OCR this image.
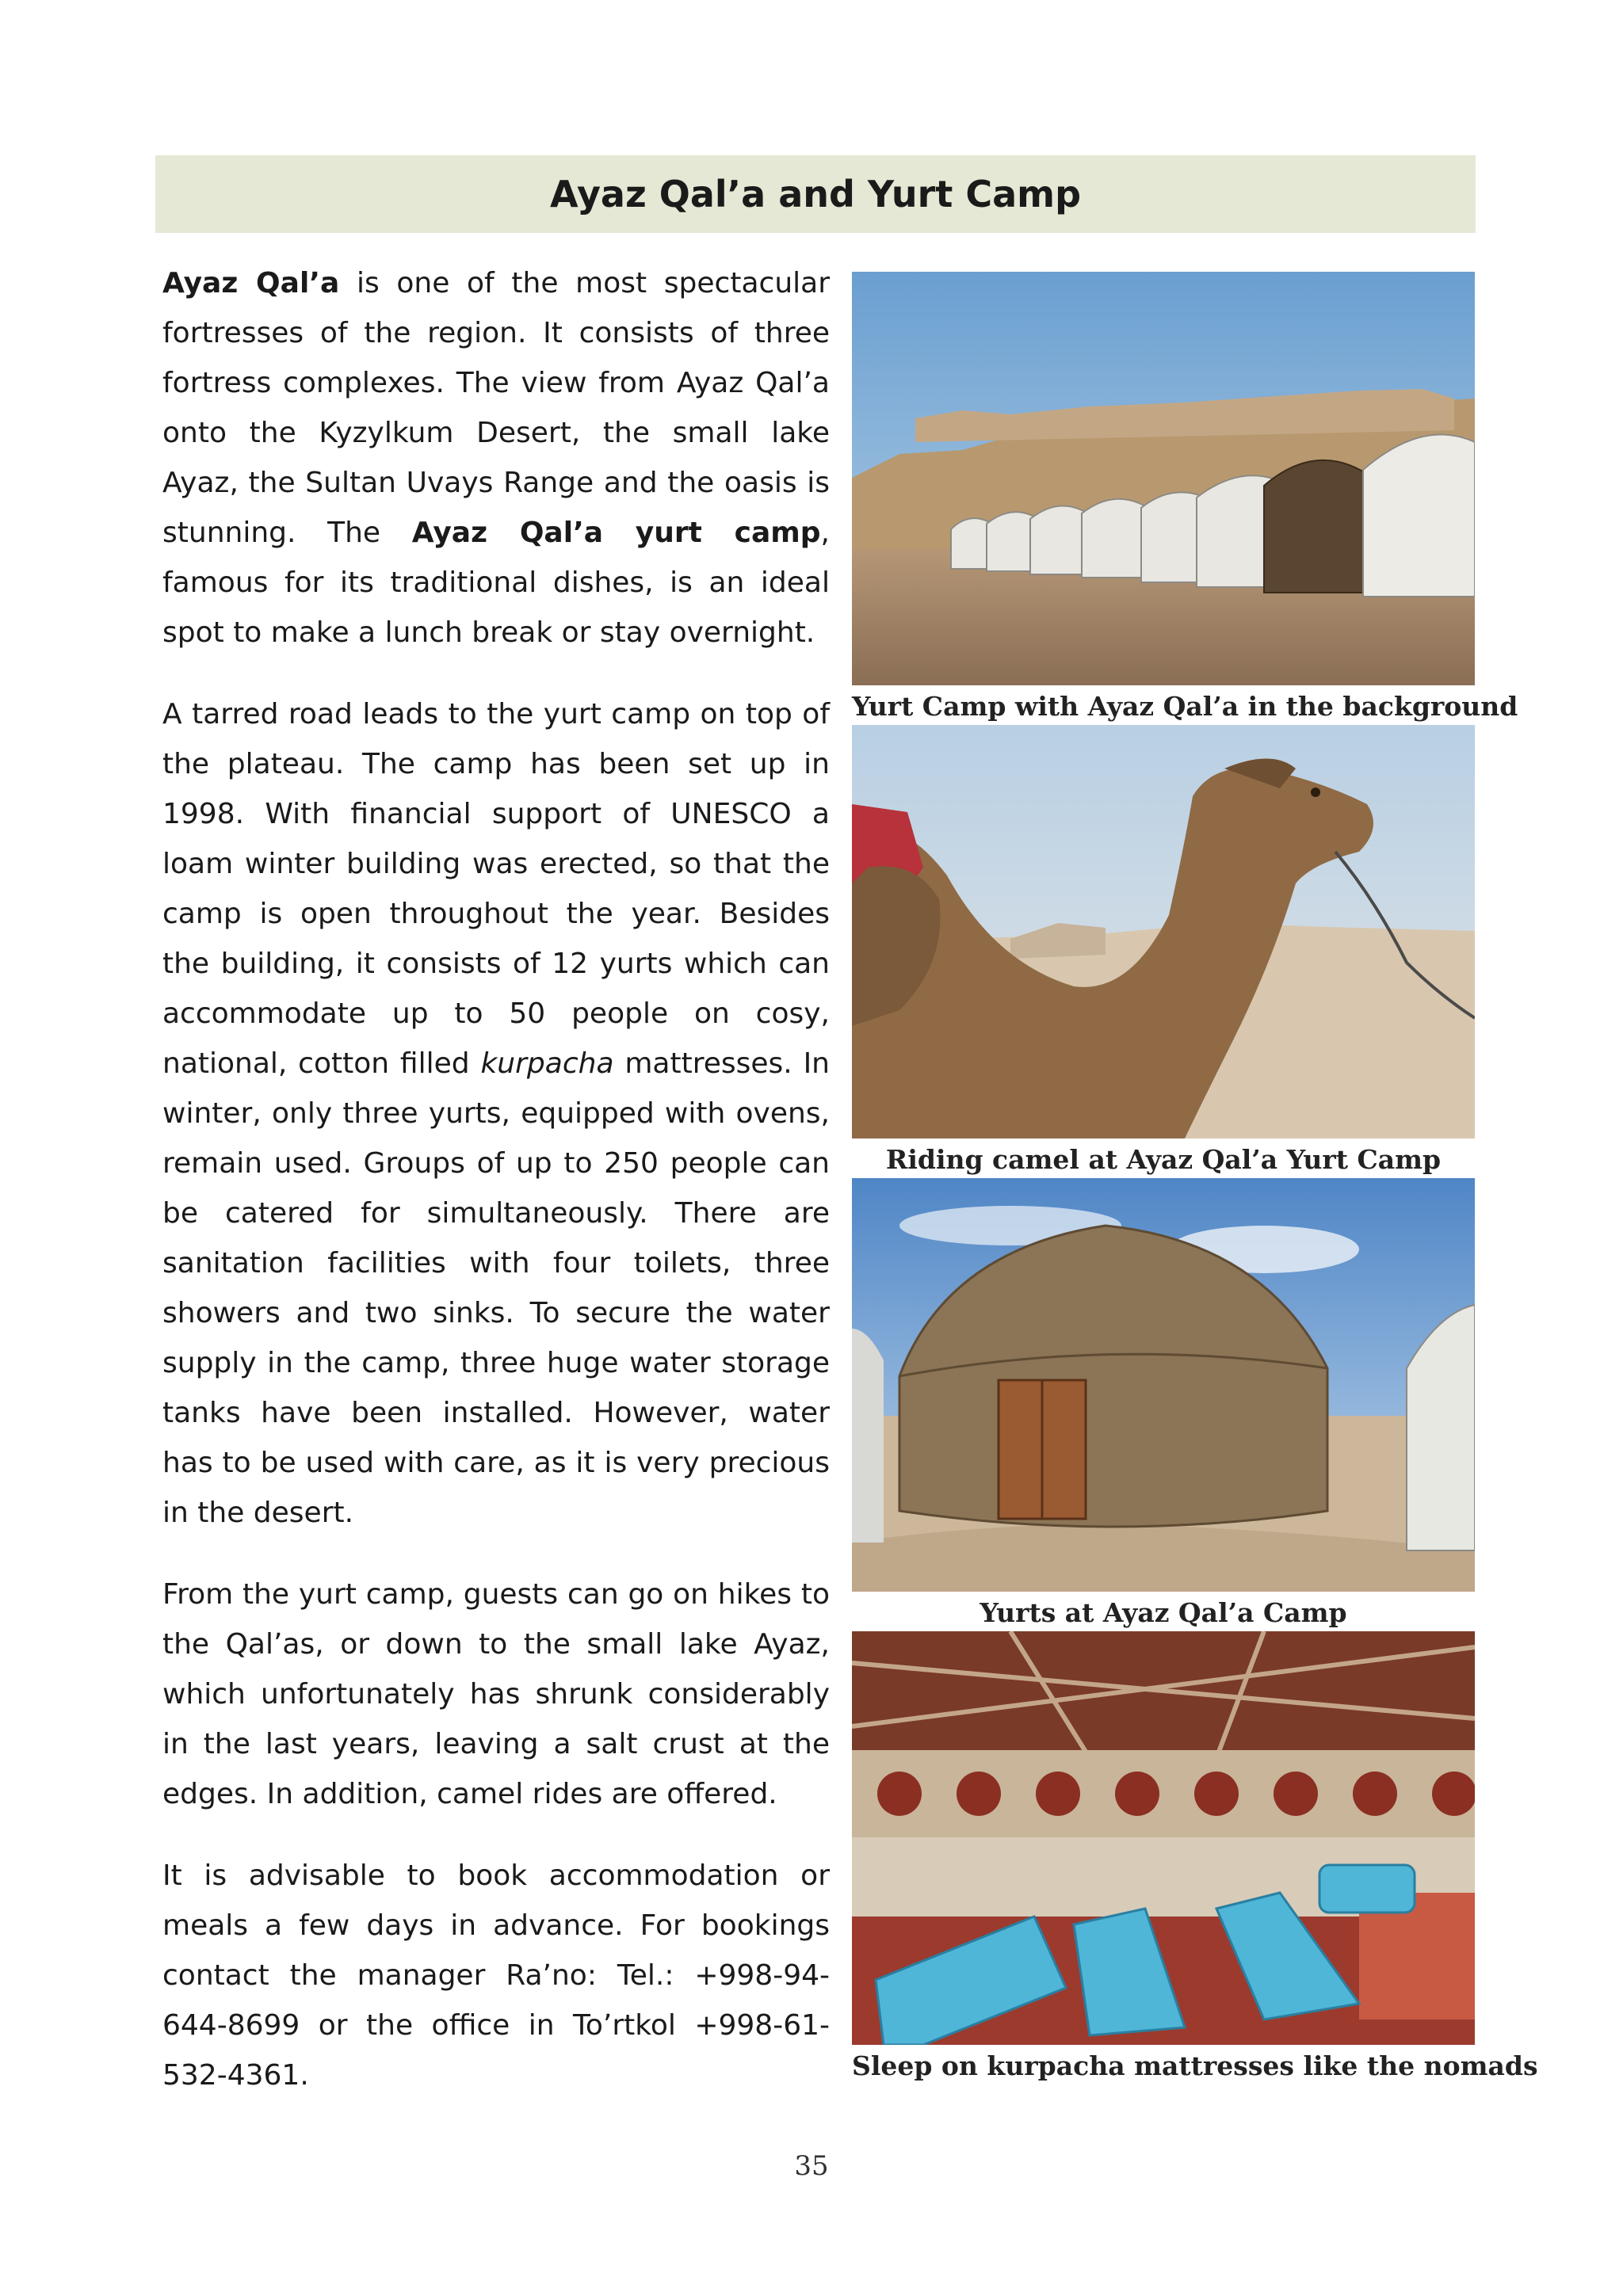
Ayaz Qal’a and Yurt Camp

Ayaz Qal’a is one of the most spectacular fortresses of the region. It consists of three fortress complexes. The view from Ayaz Qal’a onto the Kyzylkum Desert, the small lake Ayaz, the Sultan Uvays Range and the oasis is stunning. The Ayaz Qal’a yurt camp, famous for its traditional dishes, is an ideal spot to make a lunch break or stay overnight.

A tarred road leads to the yurt camp on top of the plateau. The camp has been set up in 1998. With financial support of UNESCO a loam winter building was erected, so that the camp is open throughout the year. Besides the building, it consists of 12 yurts which can accommodate up to 50 people on cosy, national, cotton filled kurpacha mattresses. In winter, only three yurts, equipped with ovens, remain used. Groups of up to 250 people can be catered for simultaneously. There are sanitation facilities with four toilets, three showers and two sinks. To secure the water supply in the camp, three huge water storage tanks have been installed. However, water has to be used with care, as it is very precious in the desert.

From the yurt camp, guests can go on hikes to the Qal’as, or down to the small lake Ayaz, which unfortunately has shrunk considerably in the last years, leaving a salt crust at the edges. In addition, camel rides are offered.

It is advisable to book accommodation or meals a few days in advance. For bookings contact the manager Ra’no: Tel.: +998-94-644-8699 or the office in To’rtkol +998-61-532-4361.

Yurt Camp with Ayaz Qal’a in the background
Riding camel at Ayaz Qal’a Yurt Camp
Yurts at Ayaz Qal’a Camp
Sleep on kurpacha mattresses like the nomads
35
